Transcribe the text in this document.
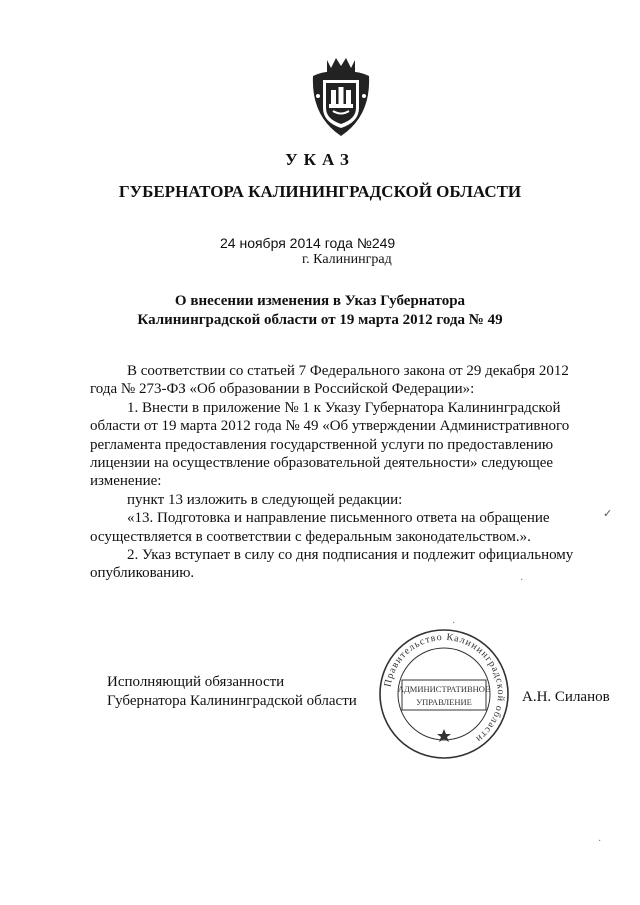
УКАЗ
ГУБЕРНАТОРА КАЛИНИНГРАДСКОЙ ОБЛАСТИ
24 ноября 2014 года №249
г. Калининград
О внесении изменения в Указ Губернатора
Калининградской области от 19 марта 2012 года № 49

В соответствии со статьей 7 Федерального закона от 29 декабря 2012

года № 273-ФЗ «Об образовании в Российской Федерации»:

1. Внести в приложение № 1 к Указу Губернатора Калининградской

области от 19 марта 2012 года № 49 «Об утверждении Административного

регламента предоставления государственной услуги по предоставлению

лицензии на осуществление образовательной деятельности» следующее

изменение:

пункт 13 изложить в следующей редакции:

«13. Подготовка и направление письменного ответа на обращение

осуществляется в соответствии с федеральным законодательством.».

2. Указ вступает в силу со дня подписания и подлежит официальному

опубликованию.

✓
·
·
·
Исполняющий обязанности
Губернатора Калининградской области
Правительство Калининградской области
АДМИНИСТРАТИВНОЕ
УПРАВЛЕНИЕ	А.Н. Силанов
